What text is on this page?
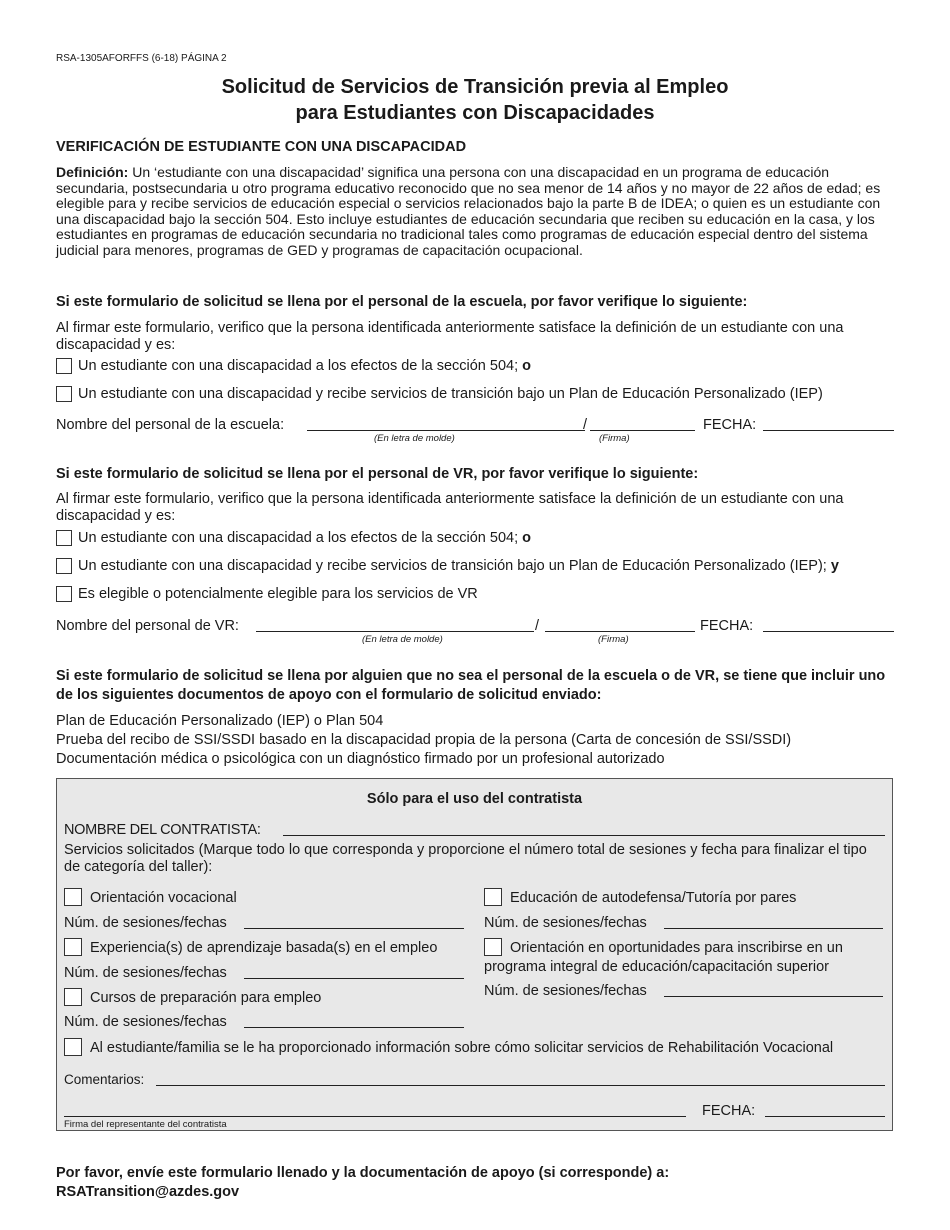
RSA-1305AFORFFS (6-18) PÁGINA 2
Solicitud de Servicios de Transición previa al Empleo
para Estudiantes con Discapacidades
VERIFICACIÓN DE ESTUDIANTE CON UNA DISCAPACIDAD
Definición: Un ‘estudiante con una discapacidad’ significa una persona con una discapacidad en un programa de educación secundaria, postsecundaria u otro programa educativo reconocido que no sea menor de 14 años y no mayor de 22 años de edad; es elegible para y recibe servicios de educación especial o servicios relacionados bajo la parte B de IDEA; o quien es un estudiante con una discapacidad bajo la sección 504. Esto incluye estudiantes de educación secundaria que reciben su educación en la casa, y los estudiantes en programas de educación secundaria no tradicional tales como programas de educación especial dentro del sistema judicial para menores, programas de GED y programas de capacitación ocupacional.
Si este formulario de solicitud se llena por el personal de la escuela, por favor verifique lo siguiente:
Al firmar este formulario, verifico que la persona identificada anteriormente satisface la definición de un estudiante con una discapacidad y es:
Un estudiante con una discapacidad a los efectos de la sección 504; o
Un estudiante con una discapacidad y recibe servicios de transición bajo un Plan de Educación Personalizado (IEP)
Nombre del personal de la escuela:	/	FECHA:
(En letra de molde)	(Firma)
Si este formulario de solicitud se llena por el personal de VR, por favor verifique lo siguiente:
Al firmar este formulario, verifico que la persona identificada anteriormente satisface la definición de un estudiante con una discapacidad y es:
Un estudiante con una discapacidad a los efectos de la sección 504; o
Un estudiante con una discapacidad y recibe servicios de transición bajo un Plan de Educación Personalizado (IEP); y
Es elegible o potencialmente elegible para los servicios de VR
Nombre del personal de VR:	/	FECHA:
(En letra de molde)	(Firma)
Si este formulario de solicitud se llena por alguien que no sea el personal de la escuela o de VR, se tiene que incluir uno de los siguientes documentos de apoyo con el formulario de solicitud enviado:
Plan de Educación Personalizado (IEP) o Plan 504
Prueba del recibo de SSI/SSDI basado en la discapacidad propia de la persona (Carta de concesión de SSI/SSDI)
Documentación médica o psicológica con un diagnóstico firmado por un profesional autorizado
Sólo para el uso del contratista
NOMBRE DEL CONTRATISTA:
Servicios solicitados (Marque todo lo que corresponda y proporcione el número total de sesiones y fecha para finalizar el tipo de categoría del taller):
Orientación vocacional
Núm. de sesiones/fechas
Experiencia(s) de aprendizaje basada(s) en el empleo
Núm. de sesiones/fechas
Cursos de preparación para empleo
Núm. de sesiones/fechas
Educación de autodefensa/Tutoría por pares
Núm. de sesiones/fechas
Orientación en oportunidades para inscribirse en un
programa integral de educación/capacitación superior
Núm. de sesiones/fechas
Al estudiante/familia se le ha proporcionado información sobre cómo solicitar servicios de Rehabilitación Vocacional
Comentarios:
FECHA:
Firma del representante del contratista
Por favor, envíe este formulario llenado y la documentación de apoyo (si corresponde) a:
RSATransition@azdes.gov
